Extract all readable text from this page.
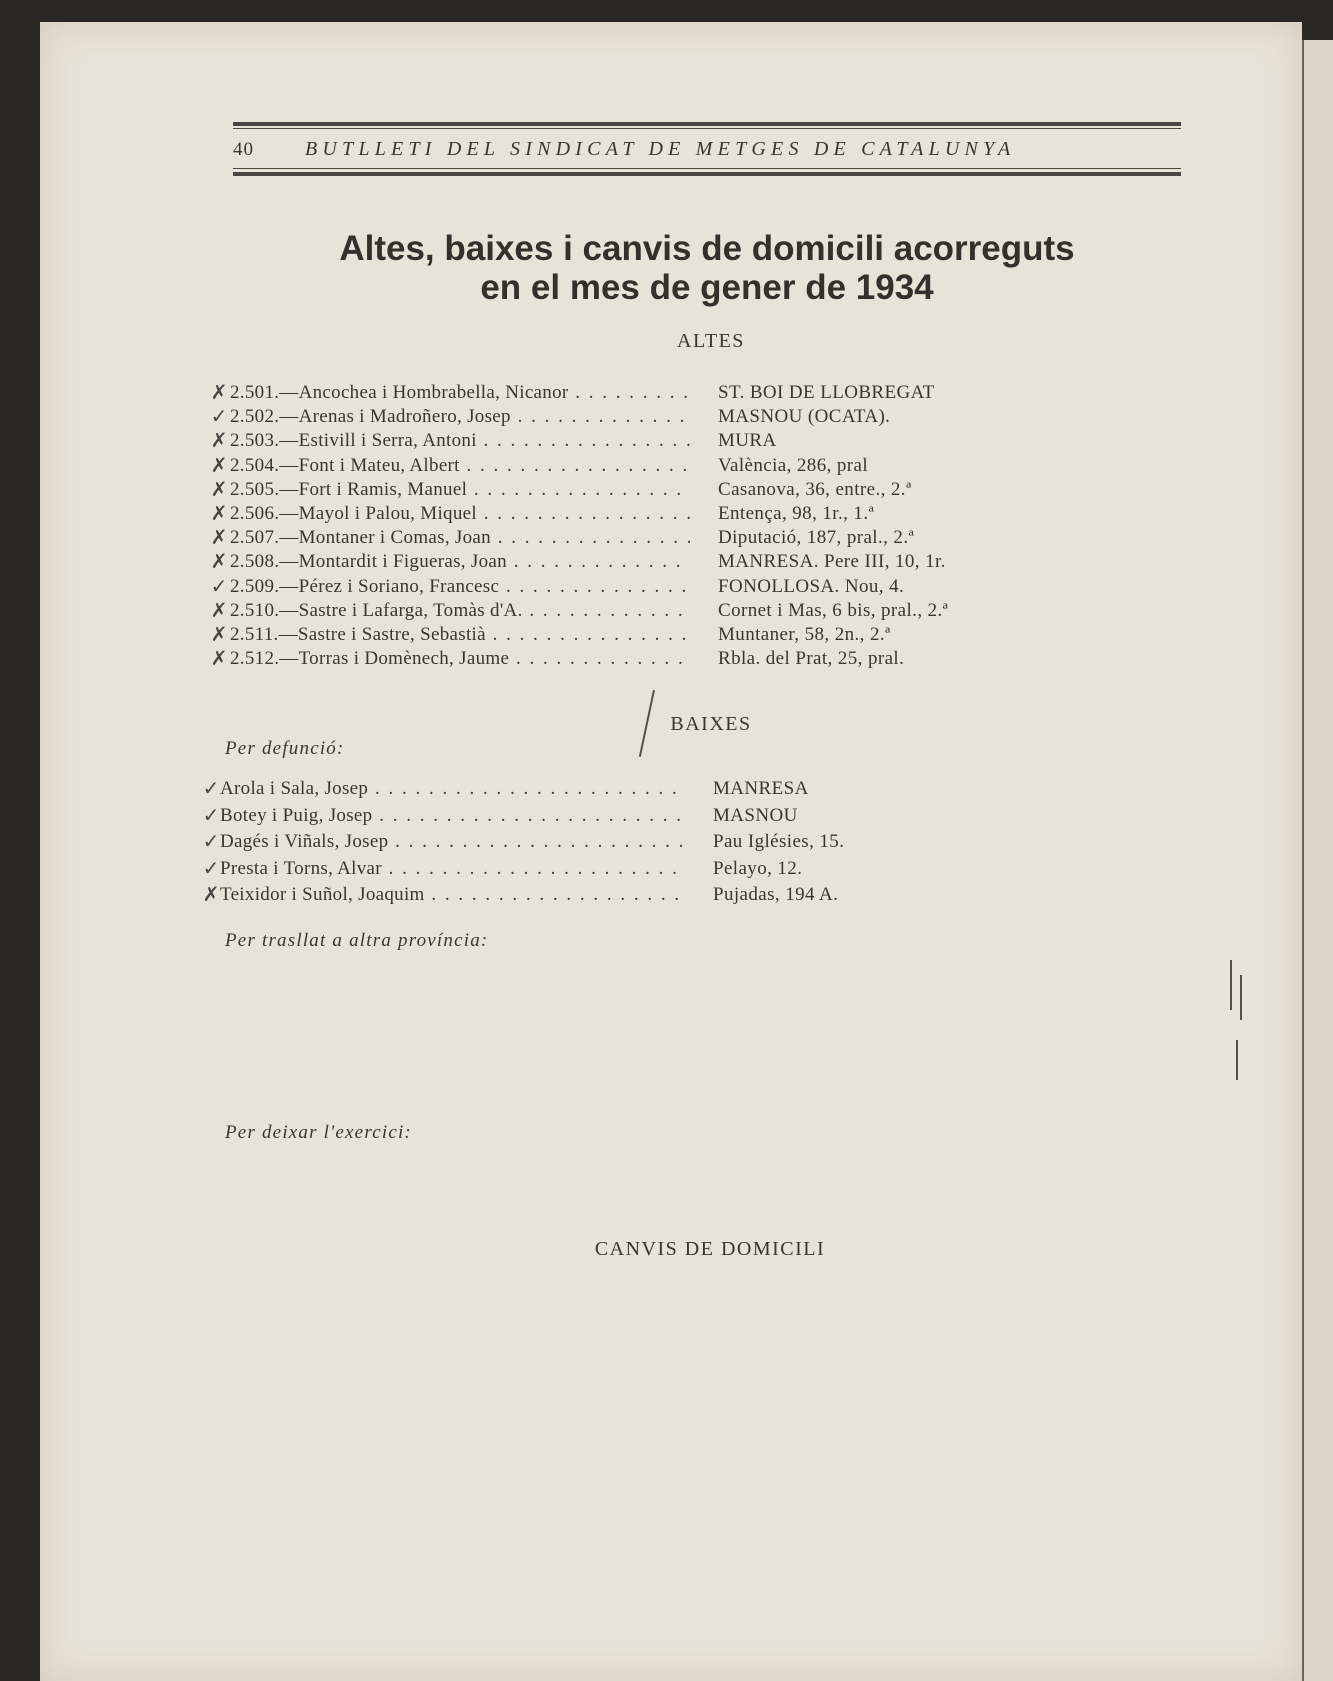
40	BUTLLETI DEL SINDICAT DE METGES DE CATALUNYA
Altes, baixes i canvis de domicili acorreguts
en el mes de gener de 1934
ALTES
✗ 2.501.—Ancochea i Hombrabella, Nicanor . . .	ST. BOI DE LLOBREGAT
✓ 2.502.—Arenas i Madroñero, Josep . . .	MASNOU (OCATA).
✗ 2.503.—Estivill i Serra, Antoni . . .	MURA
✗ 2.504.—Font i Mateu, Albert . . .	València, 286, pral
✗ 2.505.—Fort i Ramis, Manuel . . .	Casanova, 36, entre., 2.ª
✗ 2.506.—Mayol i Palou, Miquel . . .	Entença, 98, 1r., 1.ª
✗ 2.507.—Montaner i Comas, Joan . . .	Diputació, 187, pral., 2.ª
✗ 2.508.—Montardit i Figueras, Joan . . .	MANRESA. Pere III, 10, 1r.
✓ 2.509.—Pérez i Soriano, Francesc . . .	FONOLLOSA. Nou, 4.
✗ 2.510.—Sastre i Lafarga, Tomàs d'A. . . .	Cornet i Mas, 6 bis, pral., 2.ª
✗ 2.511.—Sastre i Sastre, Sebastià . . .	Muntaner, 58, 2n., 2.ª
✗ 2.512.—Torras i Domènech, Jaume . . .	Rbla. del Prat, 25, pral.
BAIXES
Per defunció:
✓ Arola i Sala, Josep . . .	MANRESA
✓ Botey i Puig, Josep . . .	MASNOU
✓ Dagés i Viñals, Josep . . .	Pau Iglésies, 15.
✓ Presta i Torns, Alvar . . .	Pelayo, 12.
✗ Teixidor i Suñol, Joaquim . . .	Pujadas, 194 A.
Per trasllat a altra província:
Per deixar l'exercici:
CANVIS DE DOMICILI
